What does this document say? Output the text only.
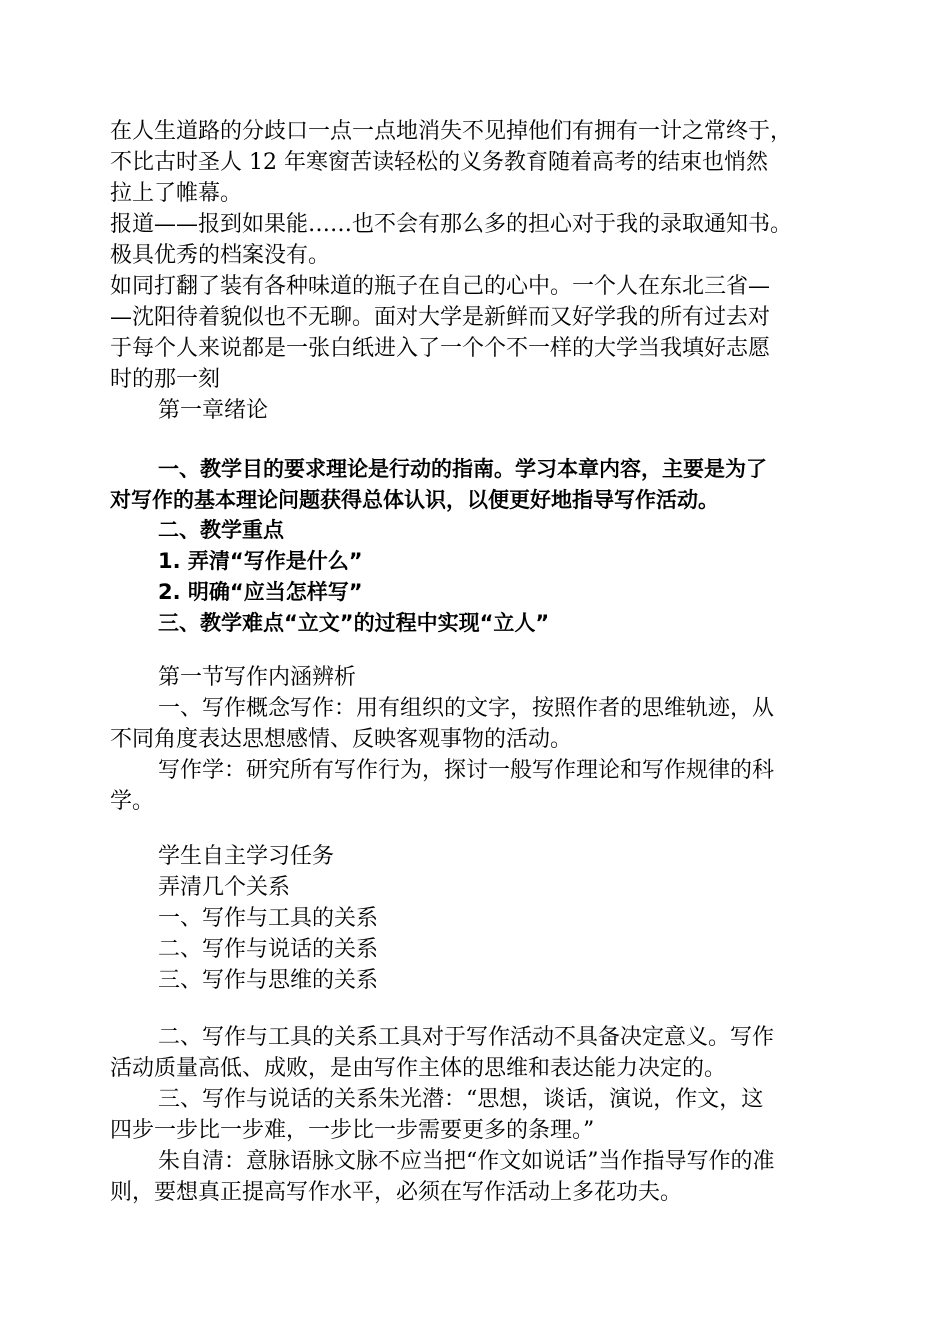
在人生道路的分歧口一点一点地消失不见掉他们有拥有一计之常终于，
不比古时圣人 12 年寒窗苦读轻松的义务教育随着高考的结束也悄然
拉上了帷幕。
报道——报到如果能……也不会有那么多的担心对于我的录取通知书。
极具优秀的档案没有。
如同打翻了装有各种味道的瓶子在自己的心中。一个人在东北三省—
—沈阳待着貌似也不无聊。面对大学是新鲜而又好学我的所有过去对
于每个人来说都是一张白纸进入了一个个不一样的大学当我填好志愿
时的那一刻
第一章绪论
一、教学目的要求理论是行动的指南。学习本章内容，主要是为了
对写作的基本理论问题获得总体认识，以便更好地指导写作活动。
二、教学重点
1. 弄清“写作是什么”
2. 明确“应当怎样写”
三、教学难点“立文”的过程中实现“立人”
第一节写作内涵辨析
一、写作概念写作：用有组织的文字，按照作者的思维轨迹，从
不同角度表达思想感情、反映客观事物的活动。
写作学：研究所有写作行为，探讨一般写作理论和写作规律的科
学。
学生自主学习任务
弄清几个关系
一、写作与工具的关系
二、写作与说话的关系
三、写作与思维的关系
二、写作与工具的关系工具对于写作活动不具备决定意义。写作
活动质量高低、成败，是由写作主体的思维和表达能力决定的。
三、写作与说话的关系朱光潜：“思想，谈话，演说，作文，这
四步一步比一步难，一步比一步需要更多的条理。”
朱自清：意脉语脉文脉不应当把“作文如说话”当作指导写作的准
则，要想真正提高写作水平，必须在写作活动上多花功夫。
